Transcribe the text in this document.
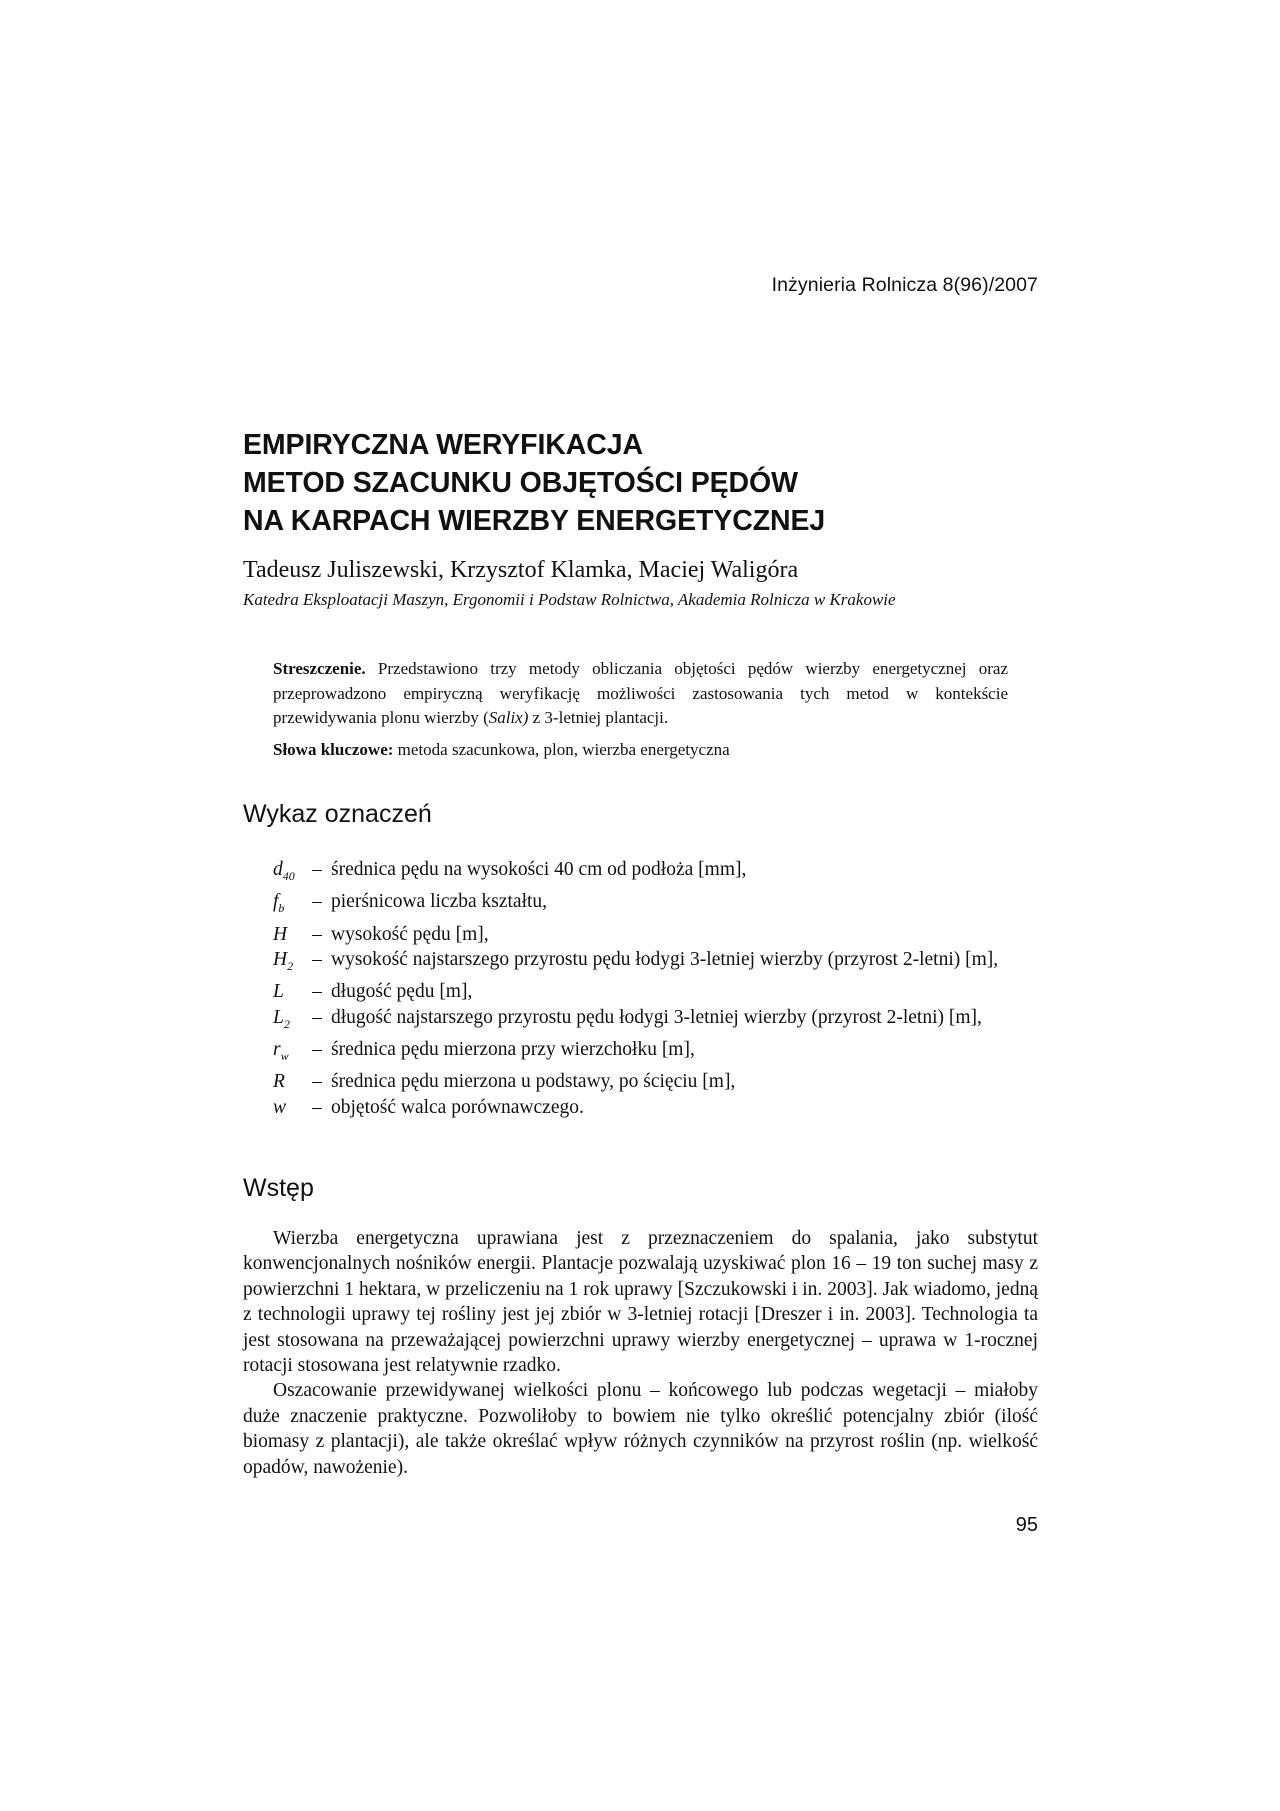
Inżynieria Rolnicza 8(96)/2007
EMPIRYCZNA WERYFIKACJA
METOD SZACUNKU OBJĘTOŚCI PĘDÓW
NA KARPACH WIERZBY ENERGETYCZNEJ
Tadeusz Juliszewski, Krzysztof Klamka, Maciej Waligóra
Katedra Eksploatacji Maszyn, Ergonomii i Podstaw Rolnictwa, Akademia Rolnicza w Krakowie
Streszczenie. Przedstawiono trzy metody obliczania objętości pędów wierzby energetycznej oraz przeprowadzono empiryczną weryfikację możliwości zastosowania tych metod w kontekście przewidywania plonu wierzby (Salix) z 3-letniej plantacji.
Słowa kluczowe: metoda szacunkowa, plon, wierzba energetyczna
Wykaz oznaczeń
$d_{40}$ – średnica pędu na wysokości 40 cm od podłoża [mm],
$f_b$	– pierśnicowa liczba kształtu,
H	– wysokość pędu [m],
$H_2$ – wysokość najstarszego przyrostu pędu łodygi 3-letniej wierzby (przyrost 2-letni) [m],
L	– długość pędu [m],
$L_2$	– długość najstarszego przyrostu pędu łodygi 3-letniej wierzby (przyrost 2-letni) [m],
$r_w$	– średnica pędu mierzona przy wierzchołku [m],
R	– średnica pędu mierzona u podstawy, po ścięciu [m],
w	– objętość walca porównawczego.
Wstęp

Wierzba energetyczna uprawiana jest z przeznaczeniem do spalania, jako substytut konwencjonalnych nośników energii. Plantacje pozwalają uzyskiwać plon 16 – 19 ton suchej masy z powierzchni 1 hektara, w przeliczeniu na 1 rok uprawy [Szczukowski i in. 2003]. Jak wiadomo, jedną z technologii uprawy tej rośliny jest jej zbiór w 3-letniej rotacji [Dreszer i in. 2003]. Technologia ta jest stosowana na przeważającej powierzchni uprawy wierzby energetycznej – uprawa w 1-rocznej rotacji stosowana jest relatywnie rzadko.

Oszacowanie przewidywanej wielkości plonu – końcowego lub podczas wegetacji – miałoby duże znaczenie praktyczne. Pozwoliłoby to bowiem nie tylko określić potencjalny zbiór (ilość biomasy z plantacji), ale także określać wpływ różnych czynników na przyrost roślin (np. wielkość opadów, nawożenie).

95
